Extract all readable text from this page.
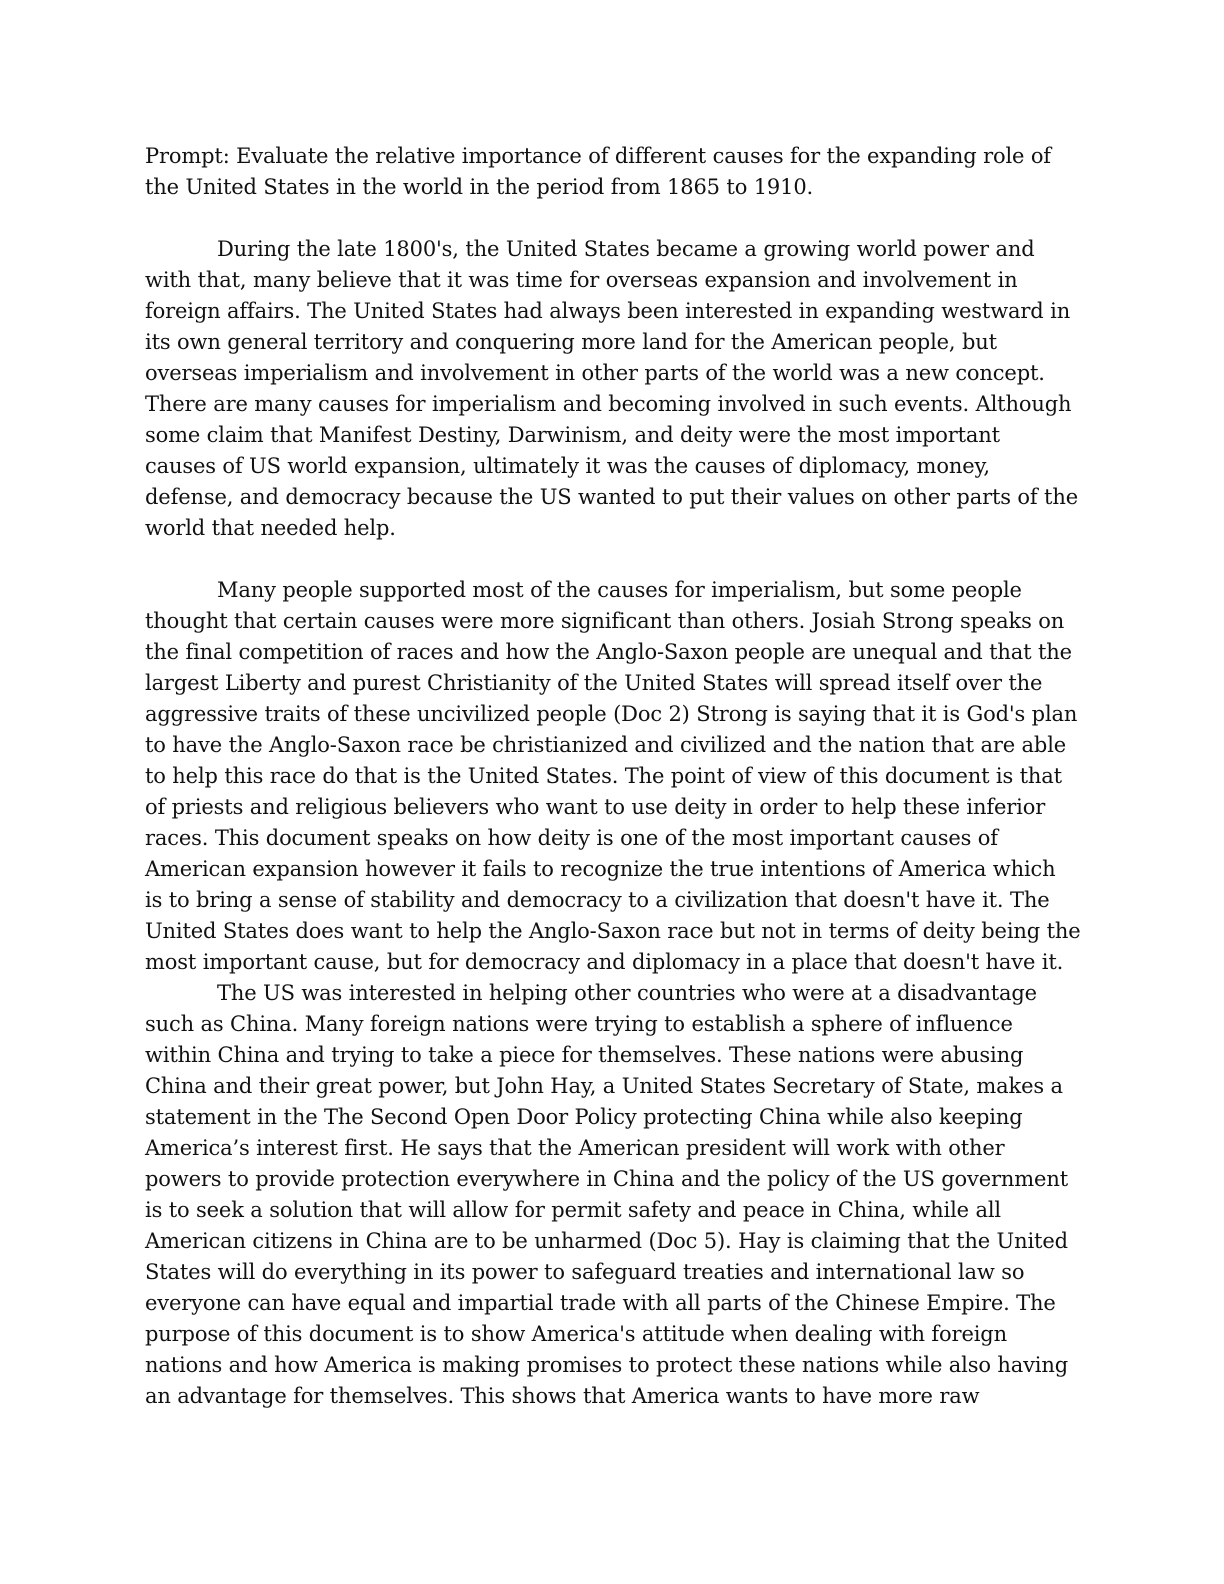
Prompt: Evaluate the relative importance of different causes for the expanding role of
the United States in the world in the period from 1865 to 1910.
During the late 1800's, the United States became a growing world power and
with that, many believe that it was time for overseas expansion and involvement in
foreign affairs. The United States had always been interested in expanding westward in
its own general territory and conquering more land for the American people, but
overseas imperialism and involvement in other parts of the world was a new concept.
There are many causes for imperialism and becoming involved in such events. Although
some claim that Manifest Destiny, Darwinism, and deity were the most important
causes of US world expansion, ultimately it was the causes of diplomacy, money,
defense, and democracy because the US wanted to put their values on other parts of the
world that needed help.
Many people supported most of the causes for imperialism, but some people
thought that certain causes were more significant than others. Josiah Strong speaks on
the final competition of races and how the Anglo-Saxon people are unequal and that the
largest Liberty and purest Christianity of the United States will spread itself over the
aggressive traits of these uncivilized people (Doc 2) Strong is saying that it is God's plan
to have the Anglo-Saxon race be christianized and civilized and the nation that are able
to help this race do that is the United States. The point of view of this document is that
of priests and religious believers who want to use deity in order to help these inferior
races. This document speaks on how deity is one of the most important causes of
American expansion however it fails to recognize the true intentions of America which
is to bring a sense of stability and democracy to a civilization that doesn't have it. The
United States does want to help the Anglo-Saxon race but not in terms of deity being the
most important cause, but for democracy and diplomacy in a place that doesn't have it.
The US was interested in helping other countries who were at a disadvantage
such as China. Many foreign nations were trying to establish a sphere of influence
within China and trying to take a piece for themselves. These nations were abusing
China and their great power, but John Hay, a United States Secretary of State, makes a
statement in the The Second Open Door Policy protecting China while also keeping
America’s interest first. He says that the American president will work with other
powers to provide protection everywhere in China and the policy of the US government
is to seek a solution that will allow for permit safety and peace in China, while all
American citizens in China are to be unharmed (Doc 5). Hay is claiming that the United
States will do everything in its power to safeguard treaties and international law so
everyone can have equal and impartial trade with all parts of the Chinese Empire. The
purpose of this document is to show America's attitude when dealing with foreign
nations and how America is making promises to protect these nations while also having
an advantage for themselves. This shows that America wants to have more raw
